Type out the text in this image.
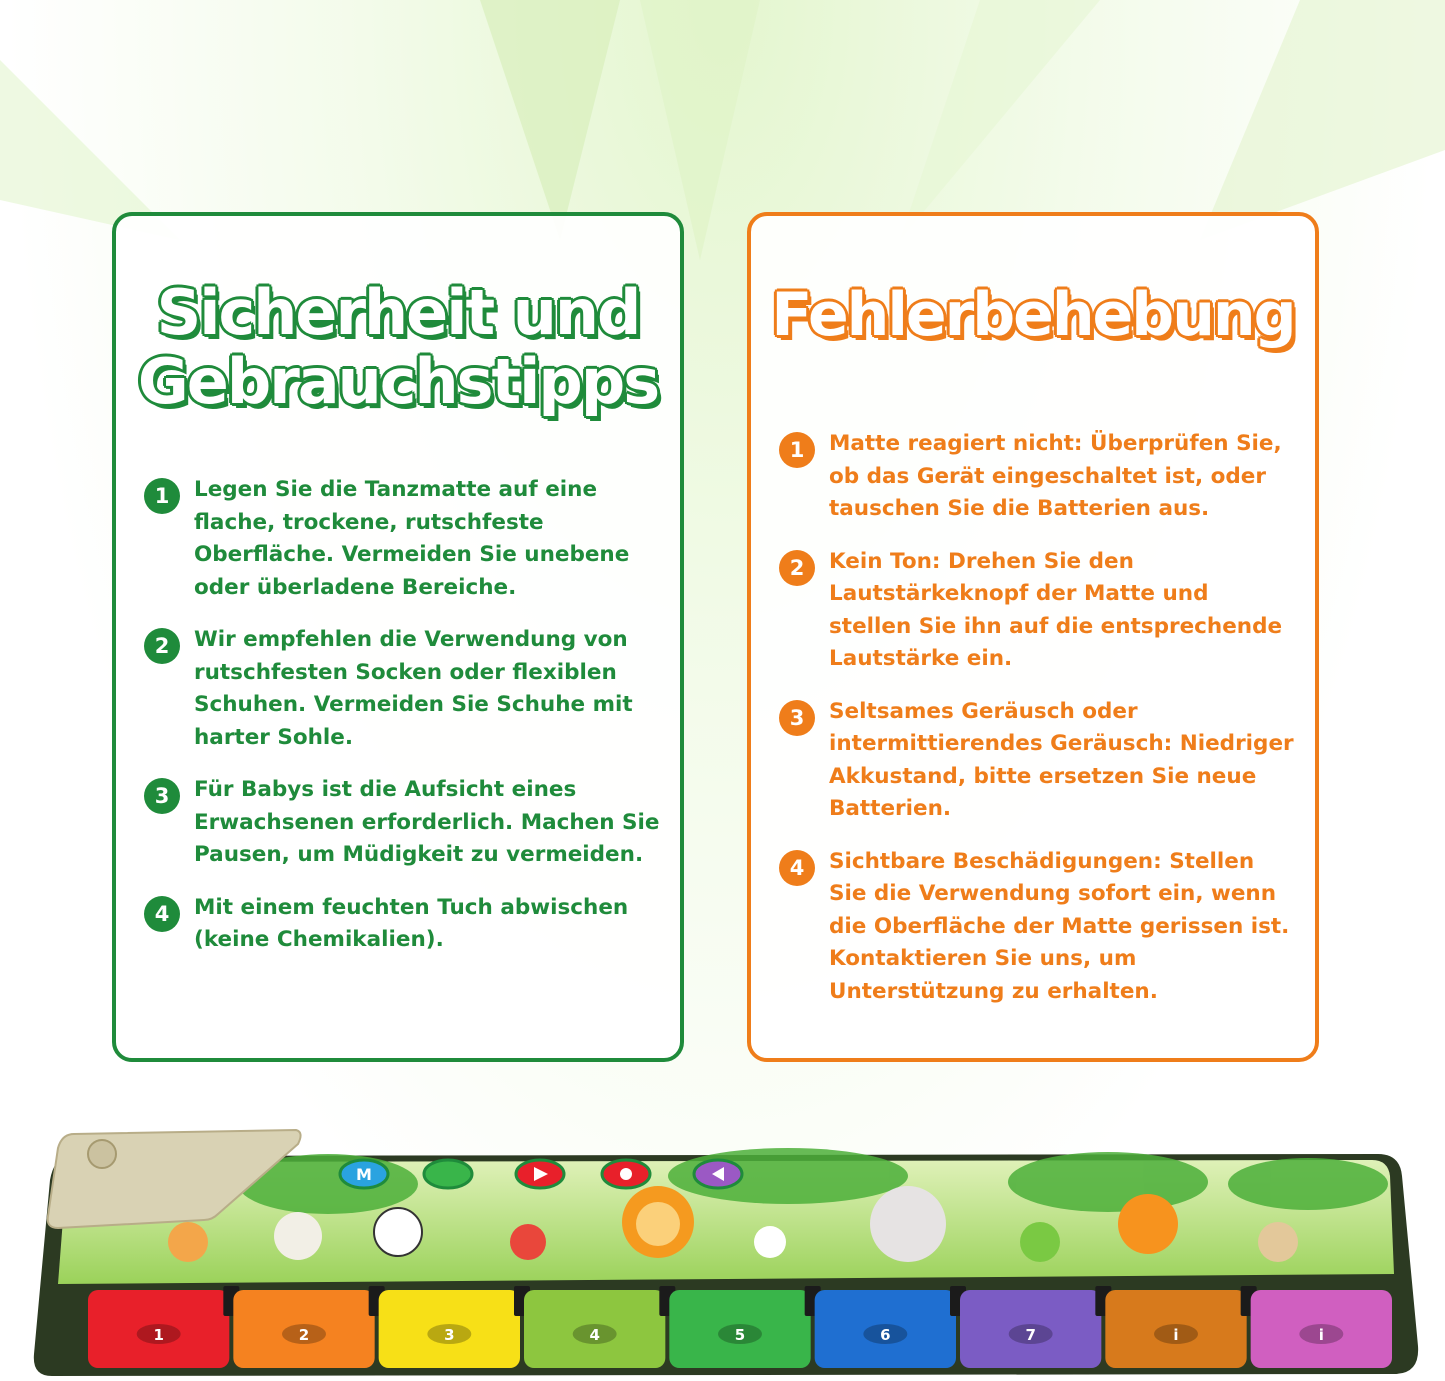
Sicherheit und
Gebrauchstipps
1	Legen Sie die Tanzmatte auf eine flache, trockene, rutschfeste Oberfläche. Vermeiden Sie unebene oder überladene Bereiche.
2	Wir empfehlen die Verwendung von rutschfesten Socken oder flexiblen Schuhen. Vermeiden Sie Schuhe mit harter Sohle.
3	Für Babys ist die Aufsicht eines Erwachsenen erforderlich. Machen Sie Pausen, um Müdigkeit zu vermeiden.
4	Mit einem feuchten Tuch abwischen (keine Chemikalien).
Fehlerbehebung
1	Matte reagiert nicht: Überprüfen Sie, ob das Gerät eingeschaltet ist, oder tauschen Sie die Batterien aus.
2	Kein Ton: Drehen Sie den Lautstärkeknopf der Matte und stellen Sie ihn auf die entsprechende Lautstärke ein.
3	Seltsames Geräusch oder intermittierendes Geräusch: Niedriger Akkustand, bitte ersetzen Sie neue Batterien.
4	Sichtbare Beschädigungen: Stellen Sie die Verwendung sofort ein, wenn die Oberfläche der Matte gerissen ist. Kontaktieren Sie uns, um Unterstützung zu erhalten.
M
1	2	3	4	5	6	7	i	i
